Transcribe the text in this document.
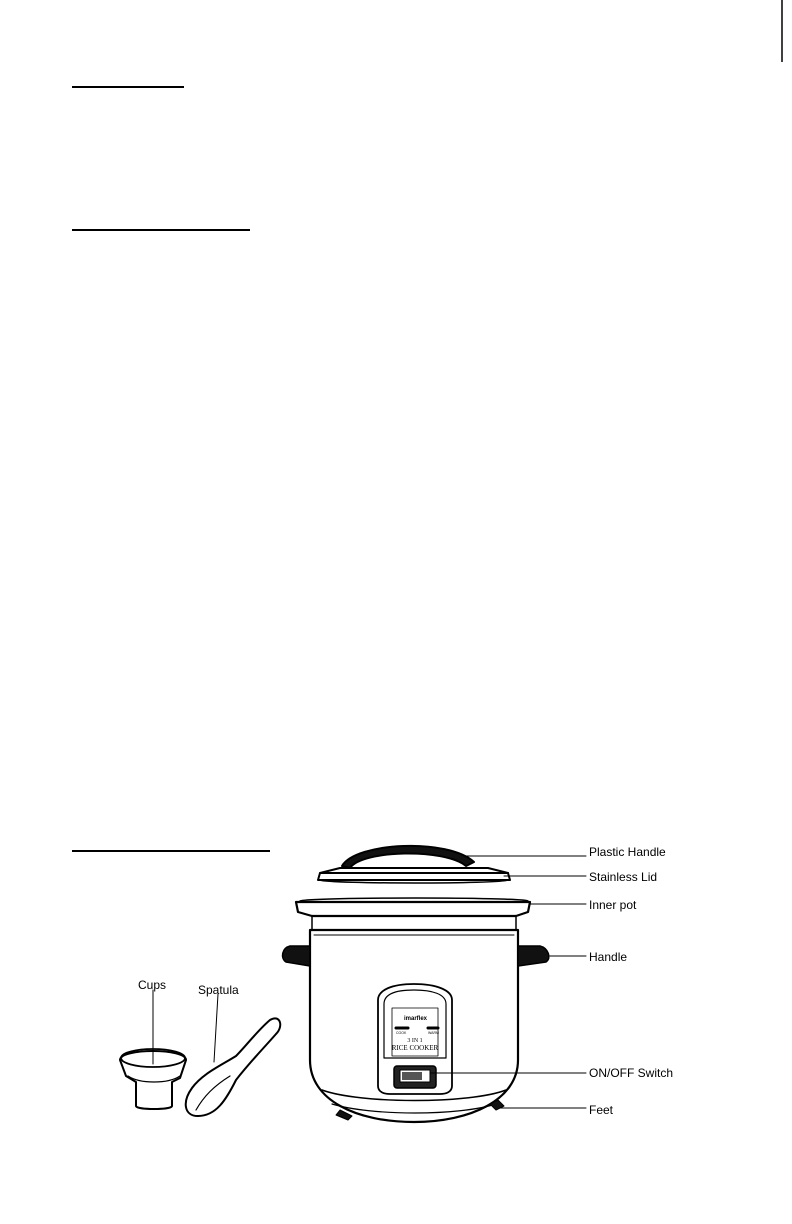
imarflex
COOK	WARM
3 IN 1
RICE COOKER
Plastic Handle
Stainless Lid
Inner pot
Handle
ON/OFF Switch
Feet
Cups	Spatula
